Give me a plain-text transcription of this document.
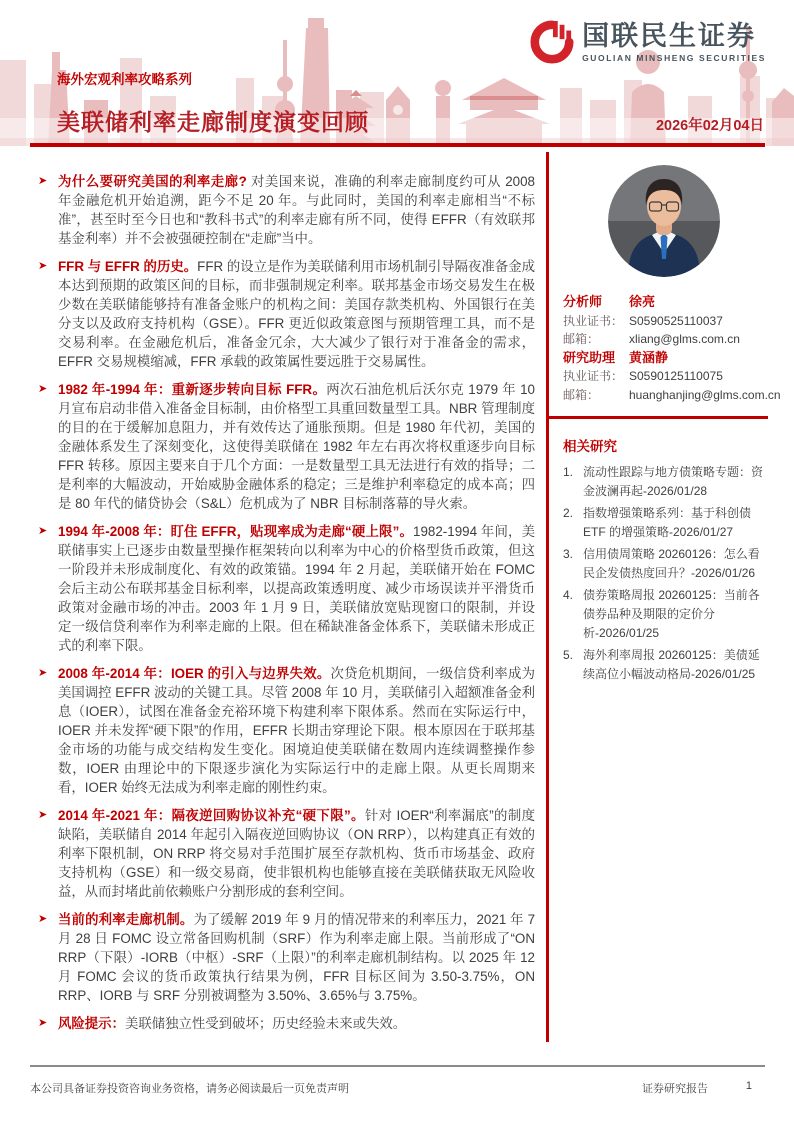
国联民生证券
GUOLIAN MINSHENG SECURITIES
海外宏观利率攻略系列
美联储利率走廊制度演变回顾	2026年02月04日
➤ 为什么要研究美国的利率走廊? 对美国来说，准确的利率走廊制度约可从 2008 年金融危机开始追溯，距今不足 20 年。与此同时，美国的利率走廊相当“不标准”，甚至时至今日也和“教科书式”的利率走廊有所不同，使得 EFFR（有效联邦基金利率）并不会被强硬控制在“走廊”当中。

➤ FFR 与 EFFR 的历史。FFR 的设立是作为美联储利用市场机制引导隔夜准备金成本达到预期的政策区间的目标，而非强制规定利率。联邦基金市场交易发生在极少数在美联储能够持有准备金账户的机构之间：美国存款类机构、外国银行在美分支以及政府支持机构（GSE）。FFR 更近似政策意图与预期管理工具，而不是交易利率。在金融危机后，准备金冗余，大大减少了银行对于准备金的需求，EFFR 交易规模缩减，FFR 承载的政策属性要远胜于交易属性。

➤ 1982 年-1994 年：重新逐步转向目标 FFR。两次石油危机后沃尔克 1979 年 10 月宣布启动非借入准备金目标制，由价格型工具重回数量型工具。NBR 管理制度的目的在于缓解加息阻力，并有效传达了通胀预期。但是 1980 年代初，美国的金融体系发生了深刻变化，这使得美联储在 1982 年左右再次将权重逐步向目标 FFR 转移。原因主要来自于几个方面：一是数量型工具无法进行有效的指导；二是利率的大幅波动，开始威胁金融体系的稳定；三是维护利率稳定的成本高；四是 80 年代的储贷协会（S&L）危机成为了 NBR 目标制落幕的导火索。

➤ 1994 年-2008 年：盯住 EFFR，贴现率成为走廊“硬上限”。1982-1994 年间，美联储事实上已逐步由数量型操作框架转向以利率为中心的价格型货币政策，但这一阶段并未形成制度化、有效的政策锚。1994 年 2 月起，美联储开始在 FOMC 会后主动公布联邦基金目标利率，以提高政策透明度、减少市场误读并平滑货币政策对金融市场的冲击。2003 年 1 月 9 日，美联储放宽贴现窗口的限制，并设定一级信贷利率作为利率走廊的上限。但在稀缺准备金体系下，美联储未形成正式的利率下限。

➤ 2008 年-2014 年：IOER 的引入与边界失效。次贷危机期间，一级信贷利率成为美国调控 EFFR 波动的关键工具。尽管 2008 年 10 月，美联储引入超额准备金利息（IOER），试图在准备金充裕环境下构建利率下限体系。然而在实际运行中，IOER 并未发挥“硬下限”的作用，EFFR 长期击穿理论下限。根本原因在于联邦基金市场的功能与成交结构发生变化。困境迫使美联储在数周内连续调整操作参数，IOER 由理论中的下限逐步演化为实际运行中的走廊上限。从更长周期来看，IOER 始终无法成为利率走廊的刚性约束。

➤ 2014 年-2021 年：隔夜逆回购协议补充“硬下限”。针对 IOER“利率漏底”的制度缺陷，美联储自 2014 年起引入隔夜逆回购协议（ON RRP），以构建真正有效的利率下限机制，ON RRP 将交易对手范围扩展至存款机构、货币市场基金、政府支持机构（GSE）和一级交易商，使非银机构也能够直接在美联储获取无风险收益，从而封堵此前依赖账户分割形成的套利空间。

➤ 当前的利率走廊机制。为了缓解 2019 年 9 月的情况带来的利率压力，2021 年 7 月 28 日 FOMC 设立常备回购机制（SRF）作为利率走廊上限。当前形成了“ON RRP（下限）-IORB（中枢）-SRF（上限）”的利率走廊机制结构。以 2025 年 12 月 FOMC 会议的货币政策执行结果为例，FFR 目标区间为 3.50-3.75%，ON RRP、IORB 与 SRF 分别被调整为 3.50%、3.65%与 3.75%。

➤ 风险提示：美联储独立性受到破坏；历史经验未来或失效。

分析师	徐亮
执业证书： S0590525110037
邮箱：	xliang@glms.com.cn
研究助理	黄涵静
执业证书： S0590125110075
邮箱：	huanghanjing@glms.com.cn
相关研究
1. 流动性跟踪与地方债策略专题：资金波澜再起-2026/01/28
2. 指数增强策略系列：基于科创债 ETF 的增强策略-2026/01/27
3. 信用债周策略 20260126：怎么看民企发债热度回升？-2026/01/26
4. 债券策略周报 20260125：当前各债券品种及期限的定价分析-2026/01/25
5. 海外利率周报 20260125：美债延续高位小幅波动格局-2026/01/25
本公司具备证券投资咨询业务资格，请务必阅读最后一页免责声明	证券研究报告	1
